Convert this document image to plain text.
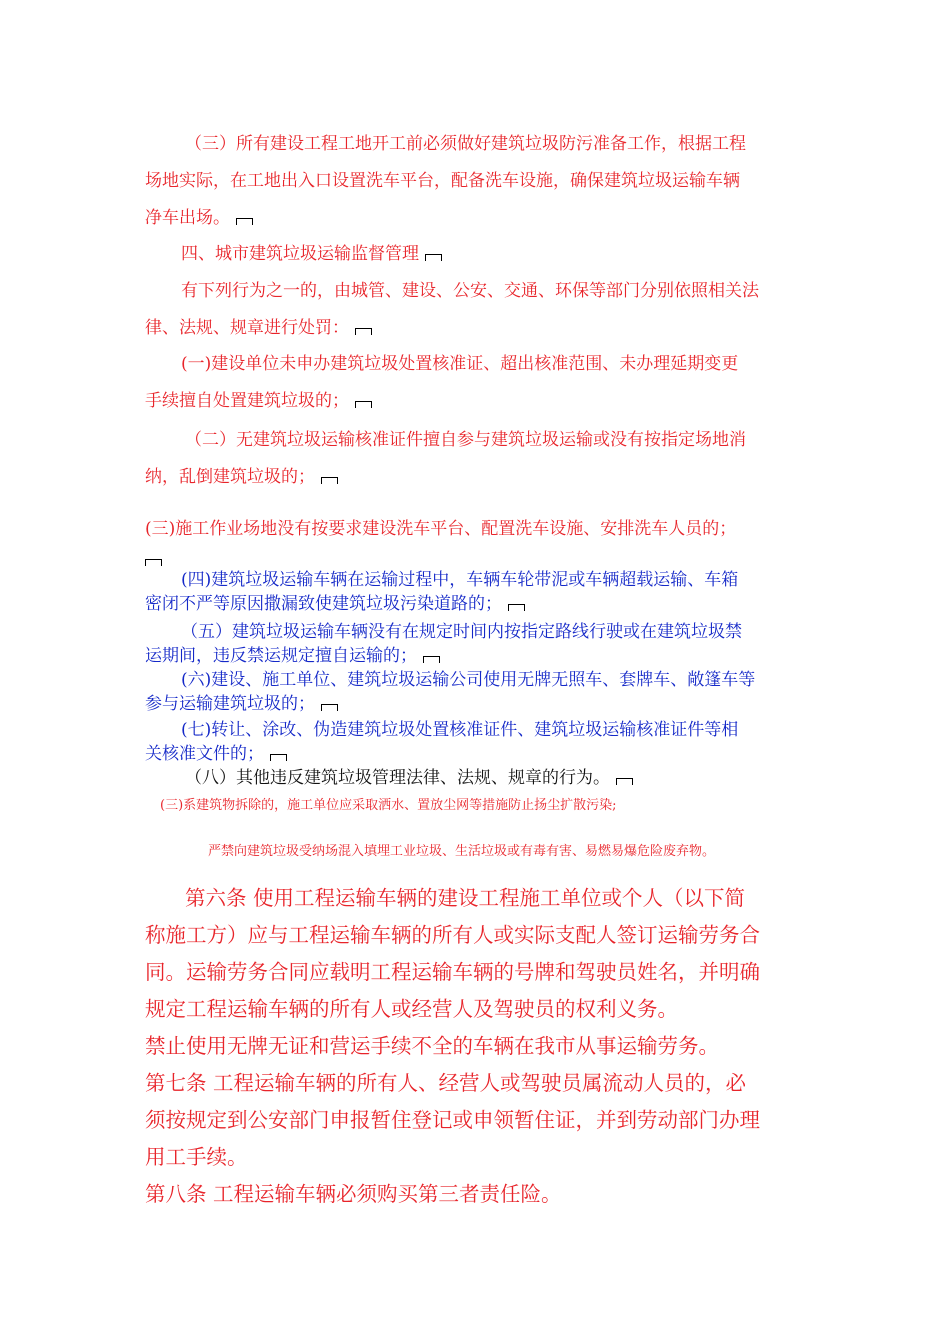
（三）所有建设工程工地开工前必须做好建筑垃圾防污准备工作，根据工程
场地实际，在工地出入口设置洗车平台，配备洗车设施，确保建筑垃圾运输车辆
净车出场。

四、城市建筑垃圾运输监督管理

有下列行为之一的，由城管、建设、公安、交通、环保等部门分别依照相关法
律、法规、规章进行处罚：

(一)建设单位未申办建筑垃圾处置核准证、超出核准范围、未办理延期变更
手续擅自处置建筑垃圾的；

（二）无建筑垃圾运输核准证件擅自参与建筑垃圾运输或没有按指定场地消
纳，乱倒建筑垃圾的；

(三)施工作业场地没有按要求建设洗车平台、配置洗车设施、安排洗车人员的；

(四)建筑垃圾运输车辆在运输过程中，车辆车轮带泥或车辆超载运输、车箱
密闭不严等原因撒漏致使建筑垃圾污染道路的；

（五）建筑垃圾运输车辆没有在规定时间内按指定路线行驶或在建筑垃圾禁
运期间，违反禁运规定擅自运输的；

(六)建设、施工单位、建筑垃圾运输公司使用无牌无照车、套牌车、敞篷车等
参与运输建筑垃圾的；

(七)转让、涂改、伪造建筑垃圾处置核准证件、建筑垃圾运输核准证件等相
关核准文件的；

（八）其他违反建筑垃圾管理法律、法规、规章的行为。

(三)系建筑物拆除的，施工单位应采取洒水、置放尘网等措施防止扬尘扩散污染;

严禁向建筑垃圾受纳场混入填埋工业垃圾、生活垃圾或有毒有害、易燃易爆危险废弃物。

第六条 使用工程运输车辆的建设工程施工单位或个人（以下简
称施工方）应与工程运输车辆的所有人或实际支配人签订运输劳务合
同。运输劳务合同应载明工程运输车辆的号牌和驾驶员姓名，并明确
规定工程运输车辆的所有人或经营人及驾驶员的权利义务。

禁止使用无牌无证和营运手续不全的车辆在我市从事运输劳务。

第七条 工程运输车辆的所有人、经营人或驾驶员属流动人员的，必
须按规定到公安部门申报暂住登记或申领暂住证，并到劳动部门办理
用工手续。

第八条 工程运输车辆必须购买第三者责任险。
